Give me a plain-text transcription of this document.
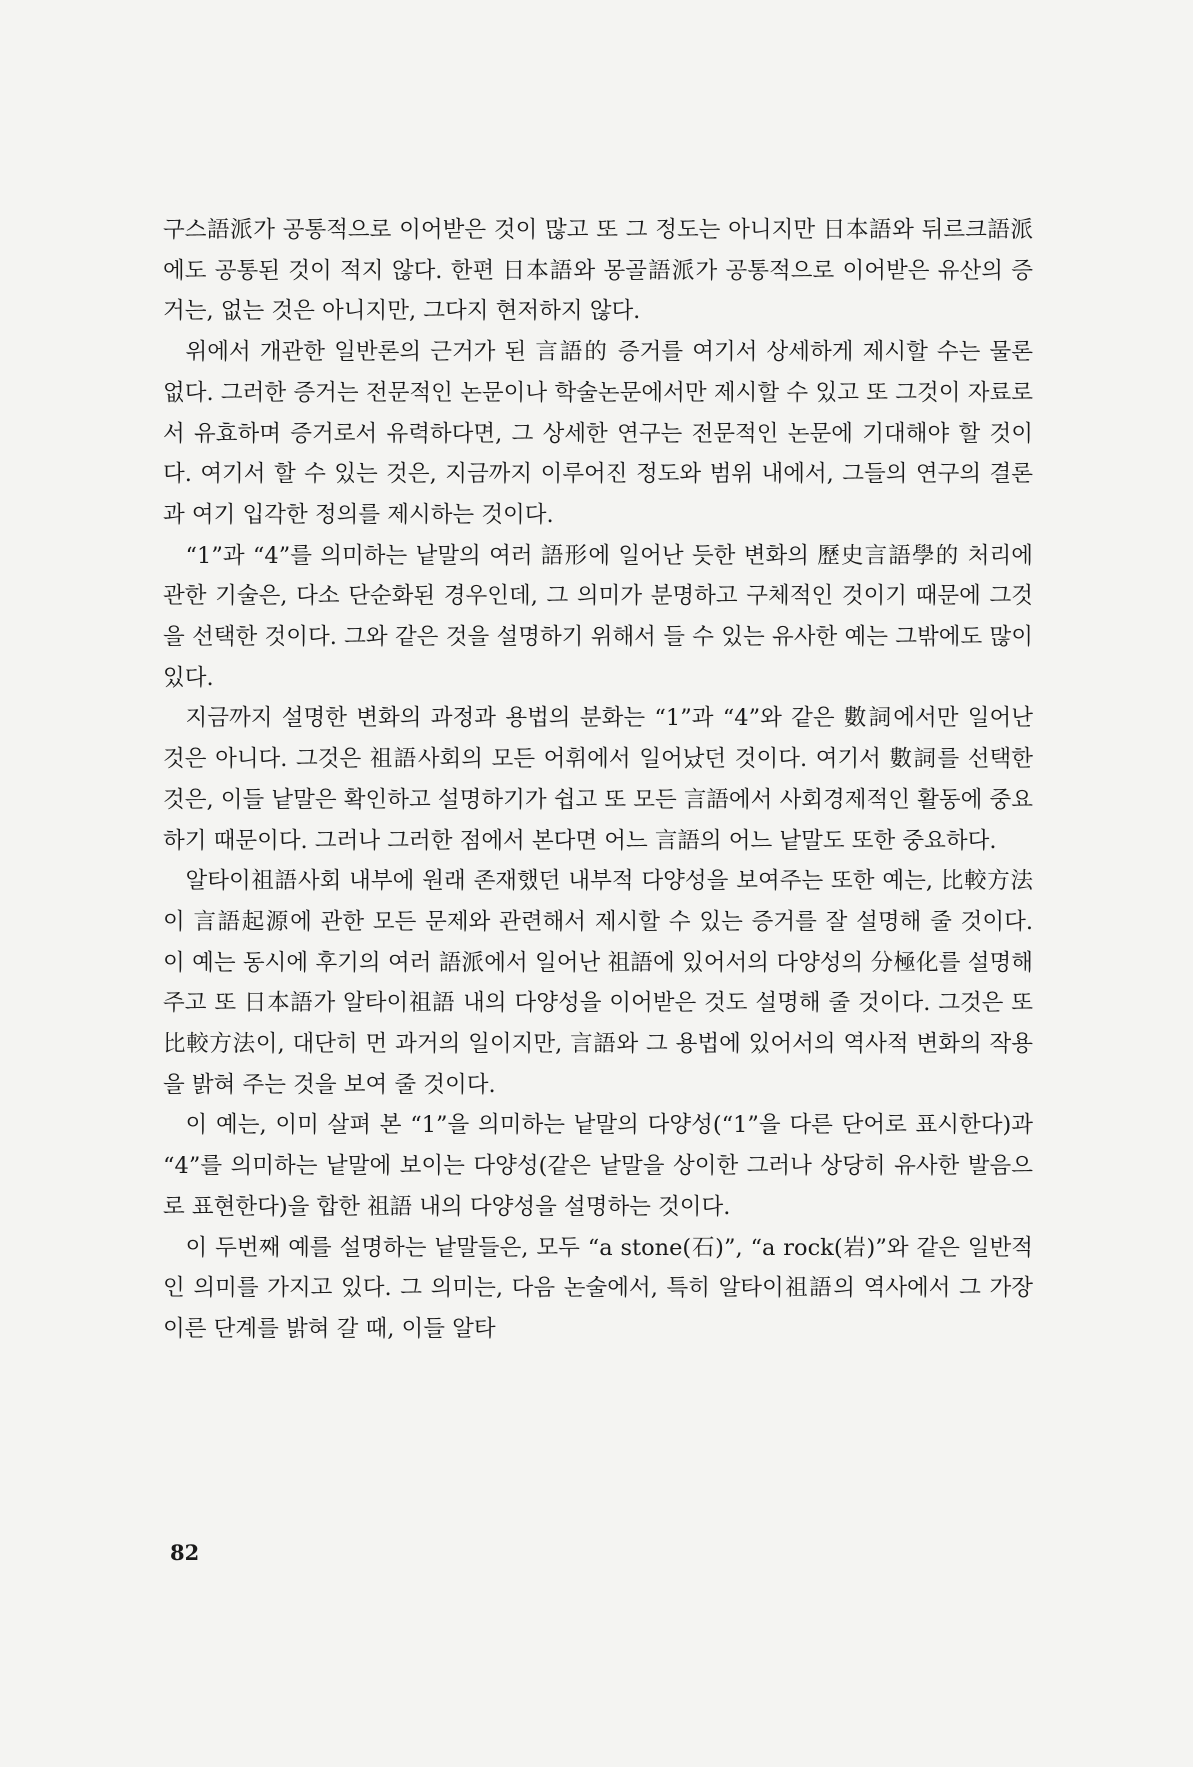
구스語派가 공통적으로 이어받은 것이 많고 또 그 정도는 아니지만 日本語와 뒤르크語派에도 공통된 것이 적지 않다. 한편 日本語와 몽골語派가 공통적으로 이어받은 유산의 증거는, 없는 것은 아니지만, 그다지 현저하지 않다.

위에서 개관한 일반론의 근거가 된 言語的 증거를 여기서 상세하게 제시할 수는 물론 없다. 그러한 증거는 전문적인 논문이나 학술논문에서만 제시할 수 있고 또 그것이 자료로서 유효하며 증거로서 유력하다면, 그 상세한 연구는 전문적인 논문에 기대해야 할 것이다. 여기서 할 수 있는 것은, 지금까지 이루어진 정도와 범위 내에서, 그들의 연구의 결론과 여기 입각한 정의를 제시하는 것이다.

“1”과 “4”를 의미하는 낱말의 여러 語形에 일어난 듯한 변화의 歷史言語學的 처리에 관한 기술은, 다소 단순화된 경우인데, 그 의미가 분명하고 구체적인 것이기 때문에 그것을 선택한 것이다. 그와 같은 것을 설명하기 위해서 들 수 있는 유사한 예는 그밖에도 많이 있다.

지금까지 설명한 변화의 과정과 용법의 분화는 “1”과 “4”와 같은 數詞에서만 일어난 것은 아니다. 그것은 祖語사회의 모든 어휘에서 일어났던 것이다. 여기서 數詞를 선택한 것은, 이들 낱말은 확인하고 설명하기가 쉽고 또 모든 言語에서 사회경제적인 활동에 중요하기 때문이다. 그러나 그러한 점에서 본다면 어느 言語의 어느 낱말도 또한 중요하다.

알타이祖語사회 내부에 원래 존재했던 내부적 다양성을 보여주는 또한 예는, 比較方法이 言語起源에 관한 모든 문제와 관련해서 제시할 수 있는 증거를 잘 설명해 줄 것이다. 이 예는 동시에 후기의 여러 語派에서 일어난 祖語에 있어서의 다양성의 分極化를 설명해 주고 또 日本語가 알타이祖語 내의 다양성을 이어받은 것도 설명해 줄 것이다. 그것은 또 比較方法이, 대단히 먼 과거의 일이지만, 言語와 그 용법에 있어서의 역사적 변화의 작용을 밝혀 주는 것을 보여 줄 것이다.

이 예는, 이미 살펴 본 “1”을 의미하는 낱말의 다양성(“1”을 다른 단어로 표시한다)과 “4”를 의미하는 낱말에 보이는 다양성(같은 낱말을 상이한 그러나 상당히 유사한 발음으로 표현한다)을 합한 祖語 내의 다양성을 설명하는 것이다.

이 두번째 예를 설명하는 낱말들은, 모두 “a stone(石)”, “a rock(岩)”와 같은 일반적인 의미를 가지고 있다. 그 의미는, 다음 논술에서, 특히 알타이祖語의 역사에서 그 가장 이른 단계를 밝혀 갈 때, 이들 알타

82
